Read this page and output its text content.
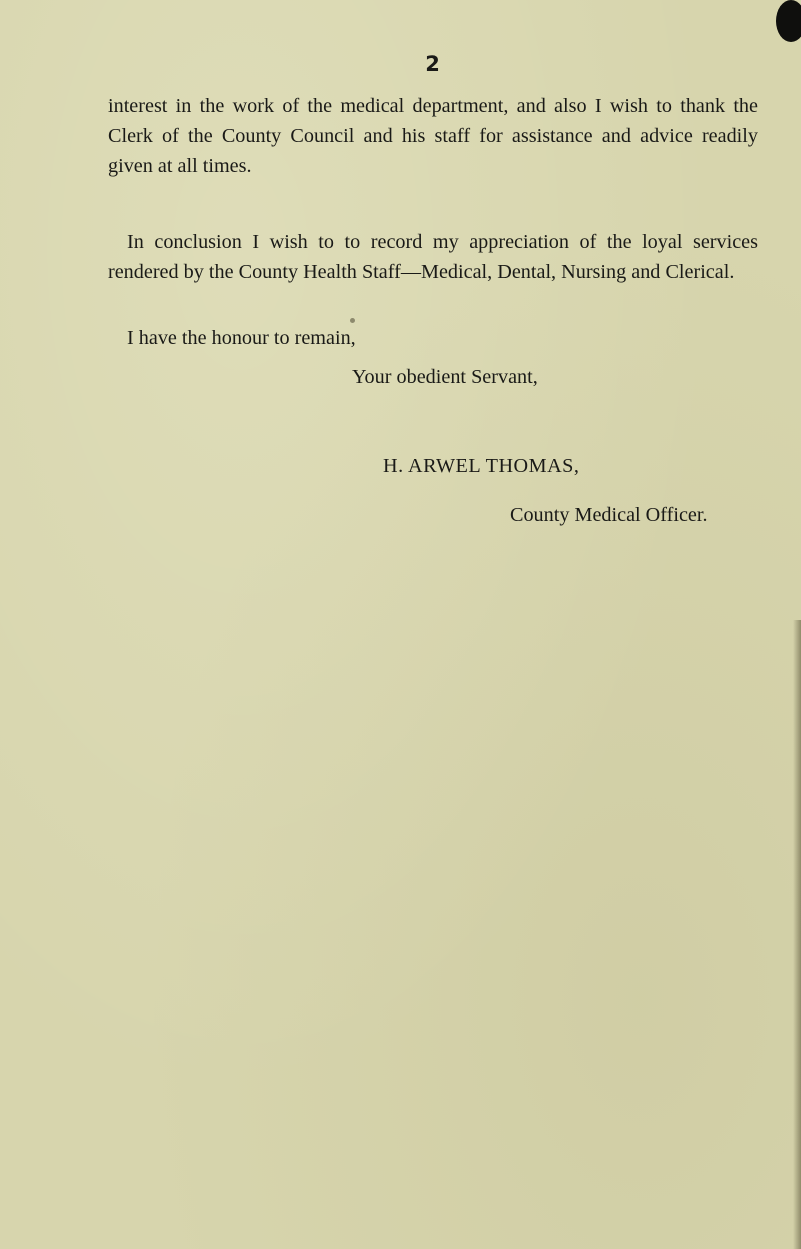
2

interest in the work of the medical department, and also I wish to thank the Clerk of the County Council and his staff for assistance and advice readily given at all times.

In conclusion I wish to to record my appreciation of the loyal services rendered by the County Health Staff—Medical, Dental, Nursing and Clerical.

I have the honour to remain,
Your obedient Servant,
H. ARWEL THOMAS,
County Medical Officer.
